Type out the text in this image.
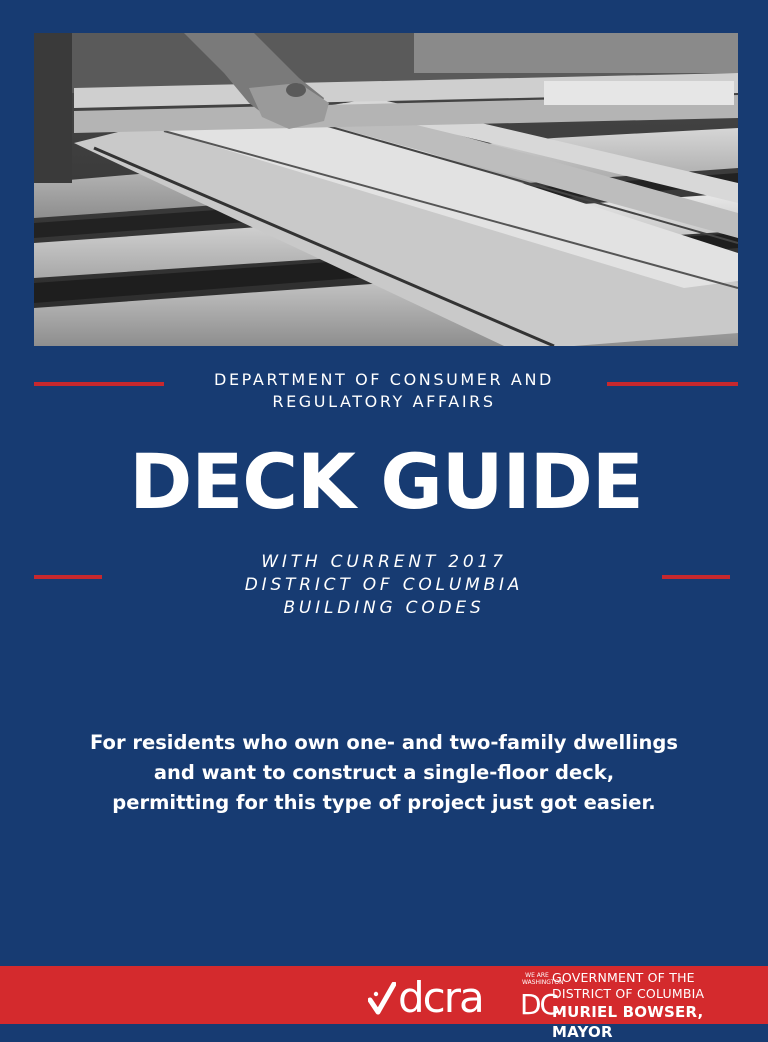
DEPARTMENT OF CONSUMER AND REGULATORY AFFAIRS
DECK GUIDE
WITH CURRENT 2017
DISTRICT OF COLUMBIA
BUILDING CODES
For residents who own one- and two-family dwellings
and want to construct a single-floor deck,
permitting for this type of project just got easier.
dcra	WE ARE WASHINGTON
DC
GOVERNMENT OF THE
DISTRICT OF COLUMBIA
MURIEL BOWSER, MAYOR
